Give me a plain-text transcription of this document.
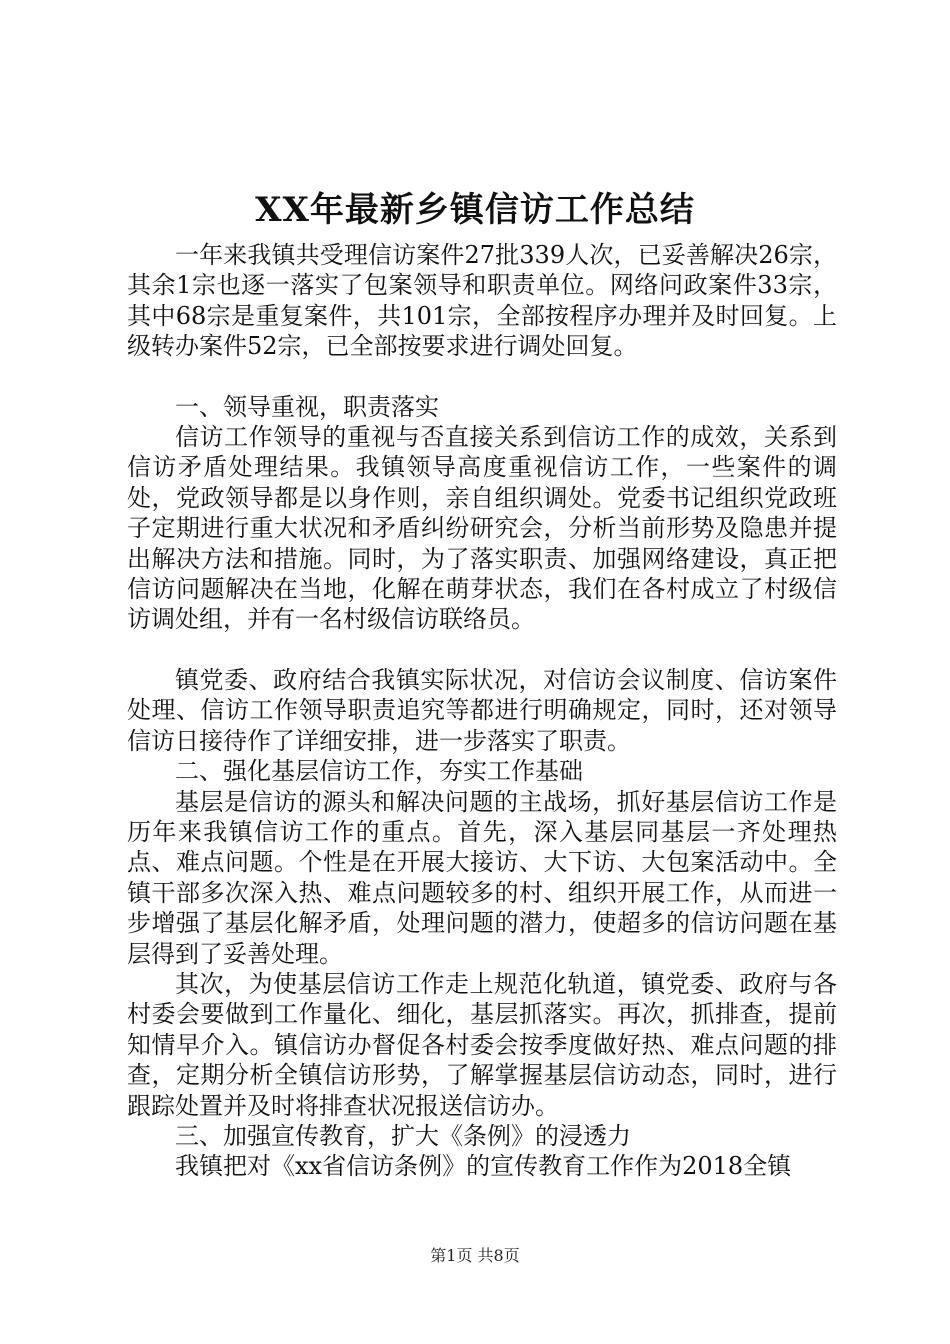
XX年最新乡镇信访工作总结

一年来我镇共受理信访案件27批339人次，已妥善解决26宗，其余1宗也逐一落实了包案领导和职责单位。网络问政案件33宗，其中68宗是重复案件，共101宗，全部按程序办理并及时回复。上级转办案件52宗，已全部按要求进行调处回复。

一、领导重视，职责落实

信访工作领导的重视与否直接关系到信访工作的成效，关系到信访矛盾处理结果。我镇领导高度重视信访工作，一些案件的调处，党政领导都是以身作则，亲自组织调处。党委书记组织党政班子定期进行重大状况和矛盾纠纷研究会，分析当前形势及隐患并提出解决方法和措施。同时，为了落实职责、加强网络建设，真正把信访问题解决在当地，化解在萌芽状态，我们在各村成立了村级信访调处组，并有一名村级信访联络员。

镇党委、政府结合我镇实际状况，对信访会议制度、信访案件处理、信访工作领导职责追究等都进行明确规定，同时，还对领导信访日接待作了详细安排，进一步落实了职责。

二、强化基层信访工作，夯实工作基础

基层是信访的源头和解决问题的主战场，抓好基层信访工作是历年来我镇信访工作的重点。首先，深入基层同基层一齐处理热点、难点问题。个性是在开展大接访、大下访、大包案活动中。全镇干部多次深入热、难点问题较多的村、组织开展工作，从而进一步增强了基层化解矛盾，处理问题的潜力，使超多的信访问题在基层得到了妥善处理。

其次，为使基层信访工作走上规范化轨道，镇党委、政府与各村委会要做到工作量化、细化，基层抓落实。再次，抓排查，提前知情早介入。镇信访办督促各村委会按季度做好热、难点问题的排查，定期分析全镇信访形势，了解掌握基层信访动态，同时，进行跟踪处置并及时将排查状况报送信访办。

三、加强宣传教育，扩大《条例》的浸透力

我镇把对《xx省信访条例》的宣传教育工作作为2018全镇

第1页 共8页
